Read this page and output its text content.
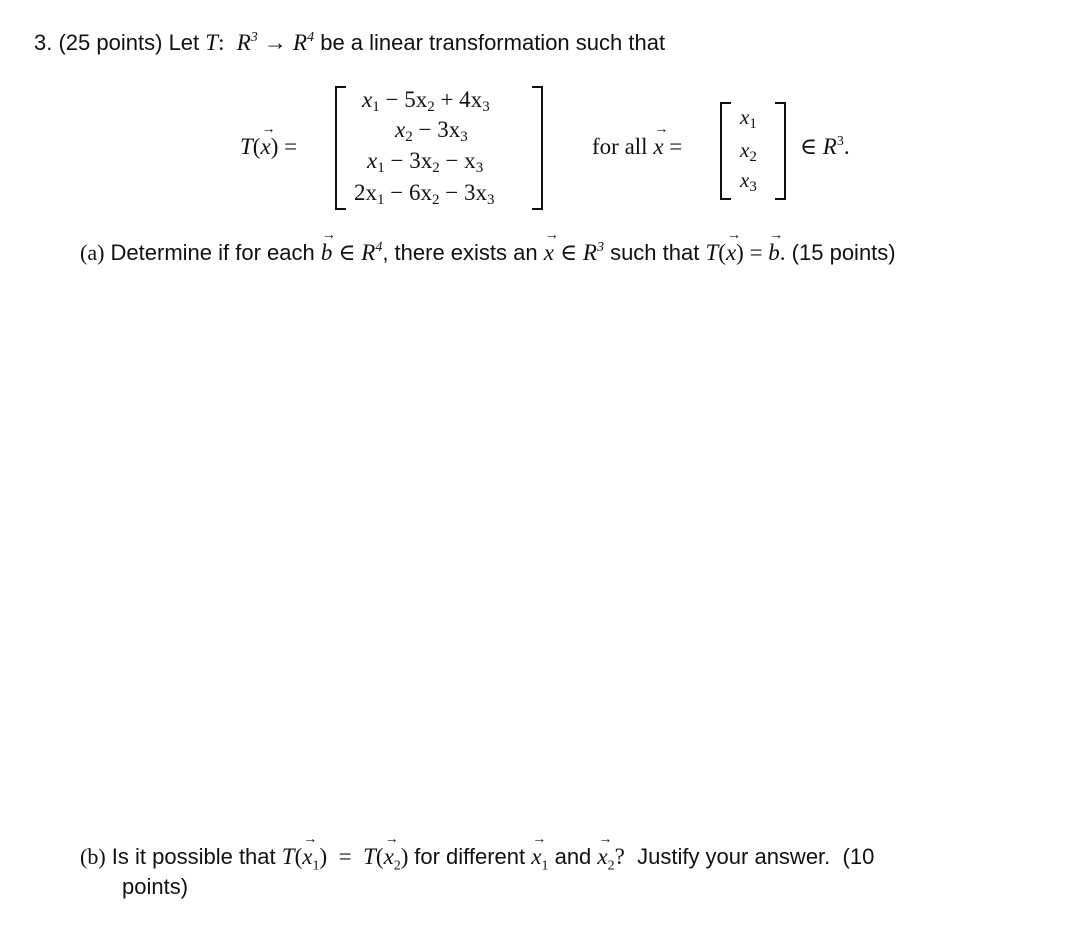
3. (25 points) Let T: $R^3 \to R^4$ be a linear transformation such that
T(→ x) =
$x_1 - 5x_2 + 4x_3$
$x_2 - 3x_3$
$x_1 - 3x_2 - x_3$
$2x_1 - 6x_2 - 3x_3$
for all → x =
$x_1$
$x_2$
$x_3$
∈ $R^3$.
(a) Determine if for each → b ∈ $R^4$, there exists an → x ∈ $R^3$ such that T(→ x) = → b. (15 points)
(b) Is it possible that $T(\to x_1) = T(\to x_2)$ for different → $x_1$ and → $x_2$? Justify your answer. (10
points)
